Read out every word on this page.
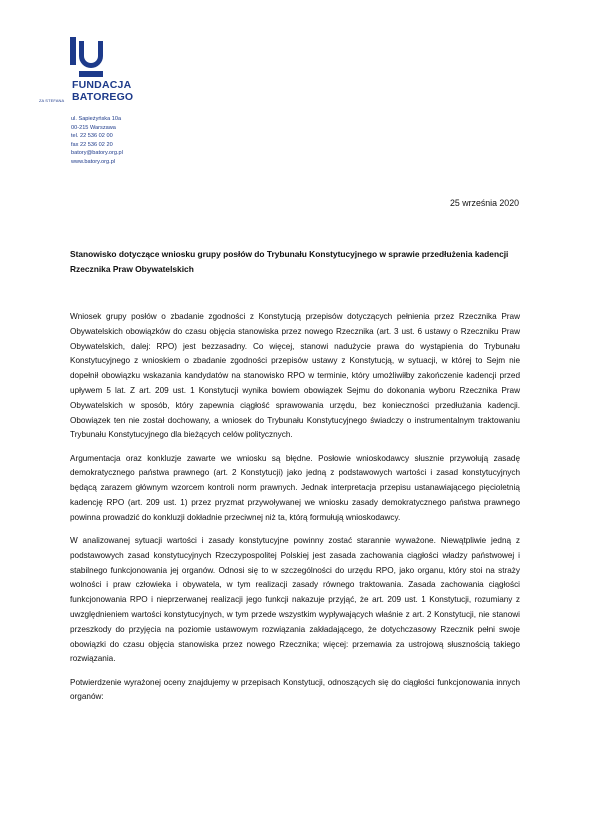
FUNDACJA
BATOREGO
ZA STEFANA
ul. Sapieżyńska 10a
00-215 Warszawa
tel. 22 536 02 00
fax 22 536 02 20
batory@batory.org.pl
www.batory.org.pl
25 września 2020
Stanowisko dotyczące wniosku grupy posłów do Trybunału Konstytucyjnego w sprawie przedłużenia kadencji Rzecznika Praw Obywatelskich

Wniosek grupy posłów o zbadanie zgodności z Konstytucją przepisów dotyczących pełnienia przez Rzecznika Praw Obywatelskich obowiązków do czasu objęcia stanowiska przez nowego Rzecznika (art. 3 ust. 6 ustawy o Rzeczniku Praw Obywatelskich, dalej: RPO) jest bezzasadny. Co więcej, stanowi nadużycie prawa do wystąpienia do Trybunału Konstytucyjnego z wnioskiem o zbadanie zgodności przepisów ustawy z Konstytucją, w sytuacji, w której to Sejm nie dopełnił obowiązku wskazania kandydatów na stanowisko RPO w terminie, który umożliwiłby zakończenie kadencji przed upływem 5 lat. Z art. 209 ust. 1 Konstytucji wynika bowiem obowiązek Sejmu do dokonania wyboru Rzecznika Praw Obywatelskich w sposób, który zapewnia ciągłość sprawowania urzędu, bez konieczności przedłużania kadencji. Obowiązek ten nie został dochowany, a wniosek do Trybunału Konstytucyjnego świadczy o instrumentalnym traktowaniu Trybunału Konstytucyjnego dla bieżących celów politycznych.

Argumentacja oraz konkluzje zawarte we wniosku są błędne. Posłowie wnioskodawcy słusznie przywołują zasadę demokratycznego państwa prawnego (art. 2 Konstytucji) jako jedną z podstawowych wartości i zasad konstytucyjnych będącą zarazem głównym wzorcem kontroli norm prawnych. Jednak interpretacja przepisu ustanawiającego pięcioletnią kadencję RPO (art. 209 ust. 1) przez pryzmat przywoływanej we wniosku zasady demokratycznego państwa prawnego powinna prowadzić do konkluzji dokładnie przeciwnej niż ta, którą formułują wnioskodawcy.

W analizowanej sytuacji wartości i zasady konstytucyjne powinny zostać starannie wyważone. Niewątpliwie jedną z podstawowych zasad konstytucyjnych Rzeczypospolitej Polskiej jest zasada zachowania ciągłości władzy państwowej i stabilnego funkcjonowania jej organów. Odnosi się to w szczególności do urzędu RPO, jako organu, który stoi na straży wolności i praw człowieka i obywatela, w tym realizacji zasady równego traktowania. Zasada zachowania ciągłości funkcjonowania RPO i nieprzerwanej realizacji jego funkcji nakazuje przyjąć, że art. 209 ust. 1 Konstytucji, rozumiany z uwzględnieniem wartości konstytucyjnych, w tym przede wszystkim wypływających właśnie z art. 2 Konstytucji, nie stanowi przeszkody do przyjęcia na poziomie ustawowym rozwiązania zakładającego, że dotychczasowy Rzecznik pełni swoje obowiązki do czasu objęcia stanowiska przez nowego Rzecznika; więcej: przemawia za ustrojową słusznością takiego rozwiązania.

Potwierdzenie wyrażonej oceny znajdujemy w przepisach Konstytucji, odnoszących się do ciągłości funkcjonowania innych organów:
